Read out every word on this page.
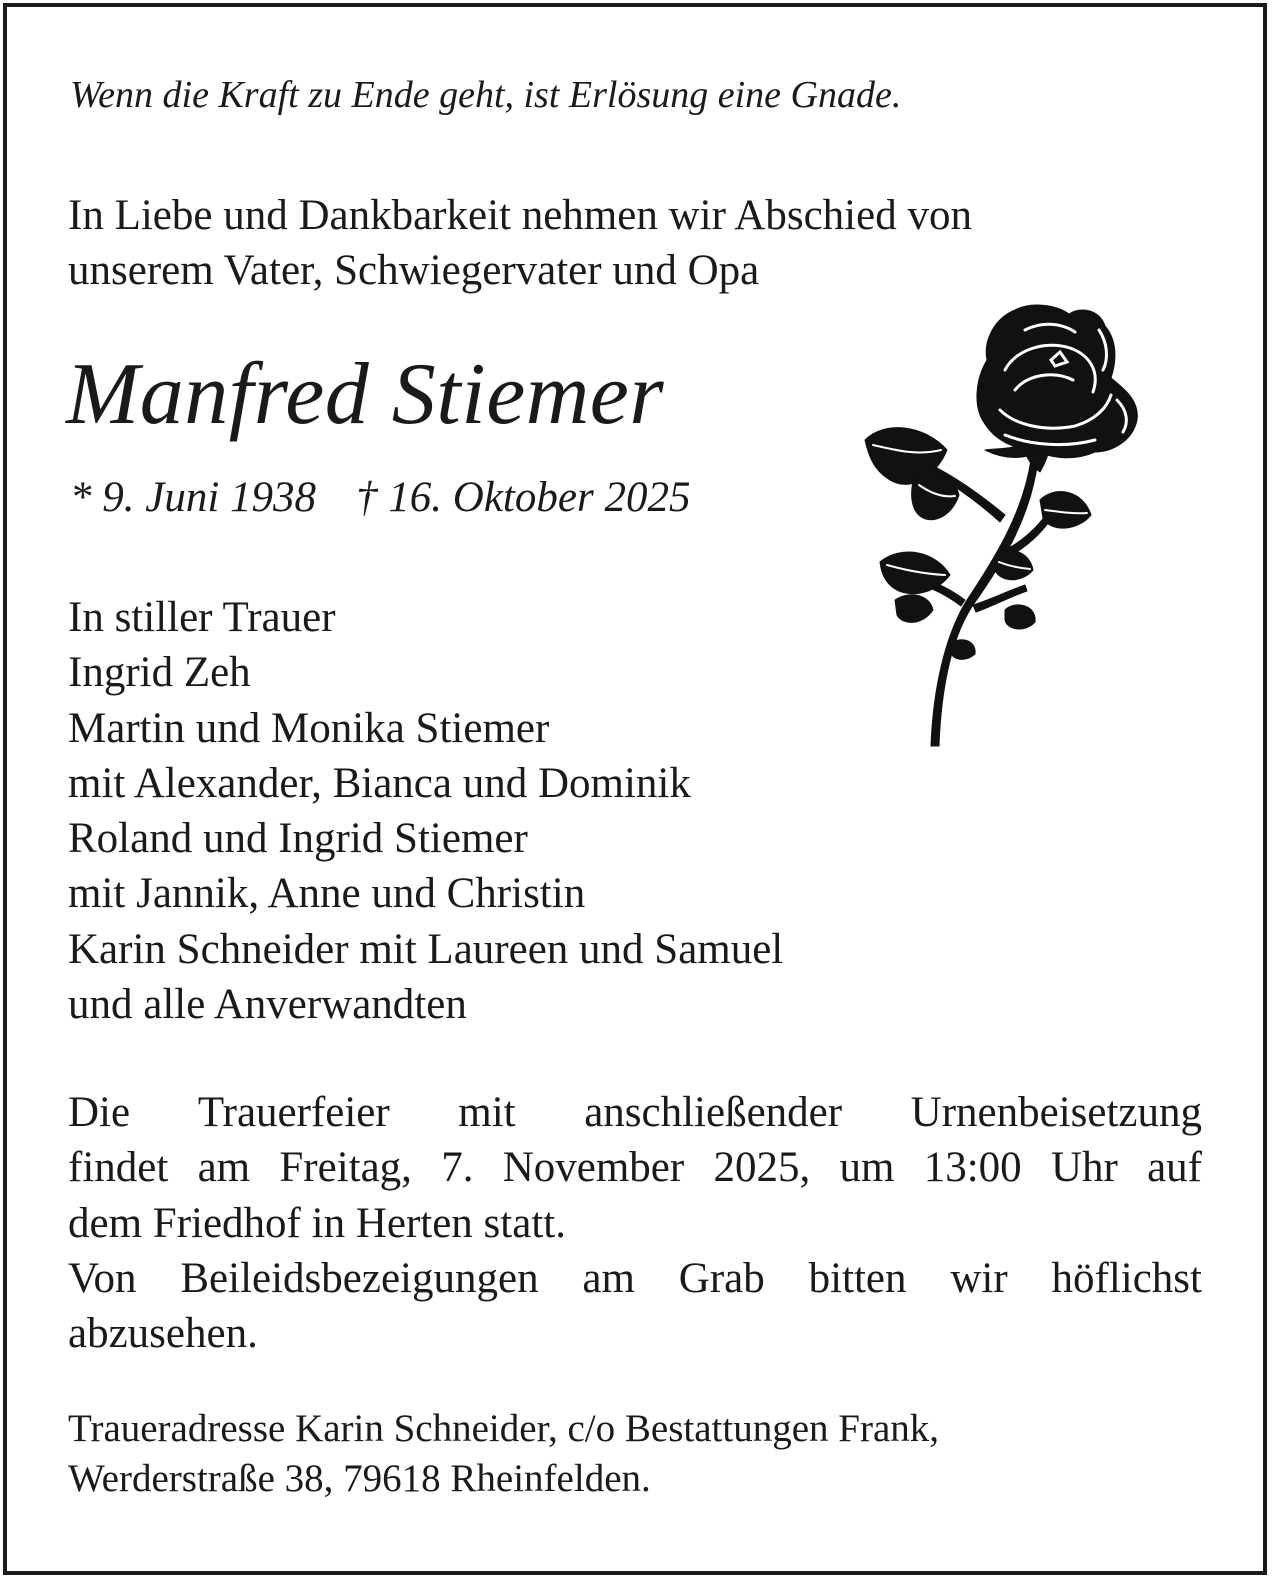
Wenn die Kraft zu Ende geht, ist Erlösung eine Gnade.

In Liebe und Dankbarkeit nehmen wir Abschied von
unserem Vater, Schwiegervater und Opa
Manfred Stiemer
* 9. Juni 1938 † 16. Oktober 2025
In stiller Trauer
Ingrid Zeh
Martin und Monika Stiemer
mit Alexander, Bianca und Dominik
Roland und Ingrid Stiemer
mit Jannik, Anne und Christin
Karin Schneider mit Laureen und Samuel
und alle Anverwandten
Die Trauerfeier mit anschließender Urnenbeisetzung
findet am Freitag, 7. November 2025, um 13:00 Uhr auf
dem Friedhof in Herten statt.
Von Beileidsbezeigungen am Grab bitten wir höflichst
abzusehen.
Traueradresse Karin Schneider, c/o Bestattungen Frank,
Werderstraße 38, 79618 Rheinfelden.
